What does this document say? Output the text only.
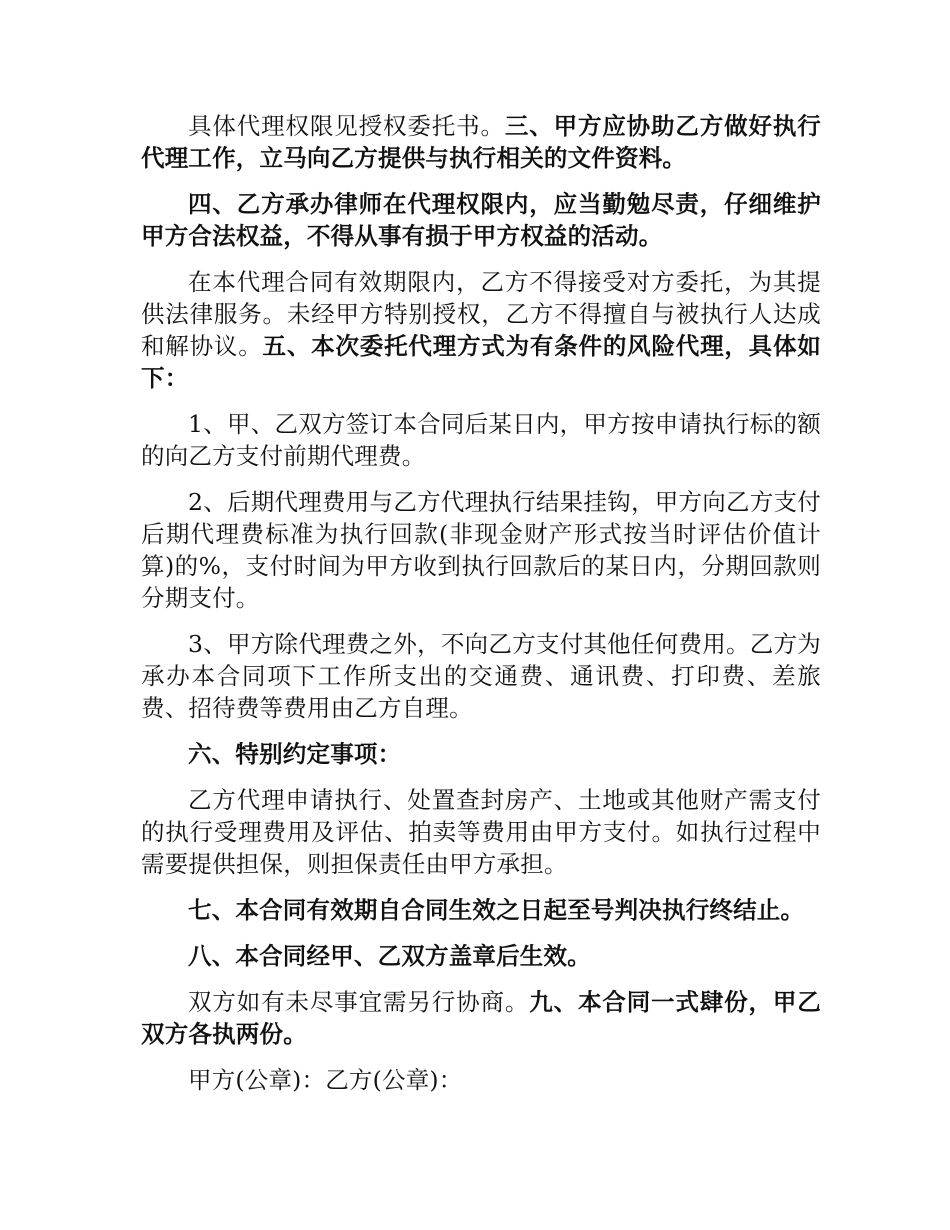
具体代理权限见授权委托书。三、甲方应协助乙方做好执行代理工作，立马向乙方提供与执行相关的文件资料。

四、乙方承办律师在代理权限内，应当勤勉尽责，仔细维护甲方合法权益，不得从事有损于甲方权益的活动。

在本代理合同有效期限内，乙方不得接受对方委托，为其提供法律服务。未经甲方特别授权，乙方不得擅自与被执行人达成和解协议。五、本次委托代理方式为有条件的风险代理，具体如下：

1、甲、乙双方签订本合同后某日内，甲方按申请执行标的额的向乙方支付前期代理费。

2、后期代理费用与乙方代理执行结果挂钩，甲方向乙方支付后期代理费标准为执行回款(非现金财产形式按当时评估价值计算)的%，支付时间为甲方收到执行回款后的某日内，分期回款则分期支付。

3、甲方除代理费之外，不向乙方支付其他任何费用。乙方为承办本合同项下工作所支出的交通费、通讯费、打印费、差旅费、招待费等费用由乙方自理。

六、特别约定事项：

乙方代理申请执行、处置查封房产、土地或其他财产需支付的执行受理费用及评估、拍卖等费用由甲方支付。如执行过程中需要提供担保，则担保责任由甲方承担。

七、本合同有效期自合同生效之日起至号判决执行终结止。

八、本合同经甲、乙双方盖章后生效。

双方如有未尽事宜需另行协商。九、本合同一式肆份，甲乙双方各执两份。

甲方(公章)：乙方(公章)：
